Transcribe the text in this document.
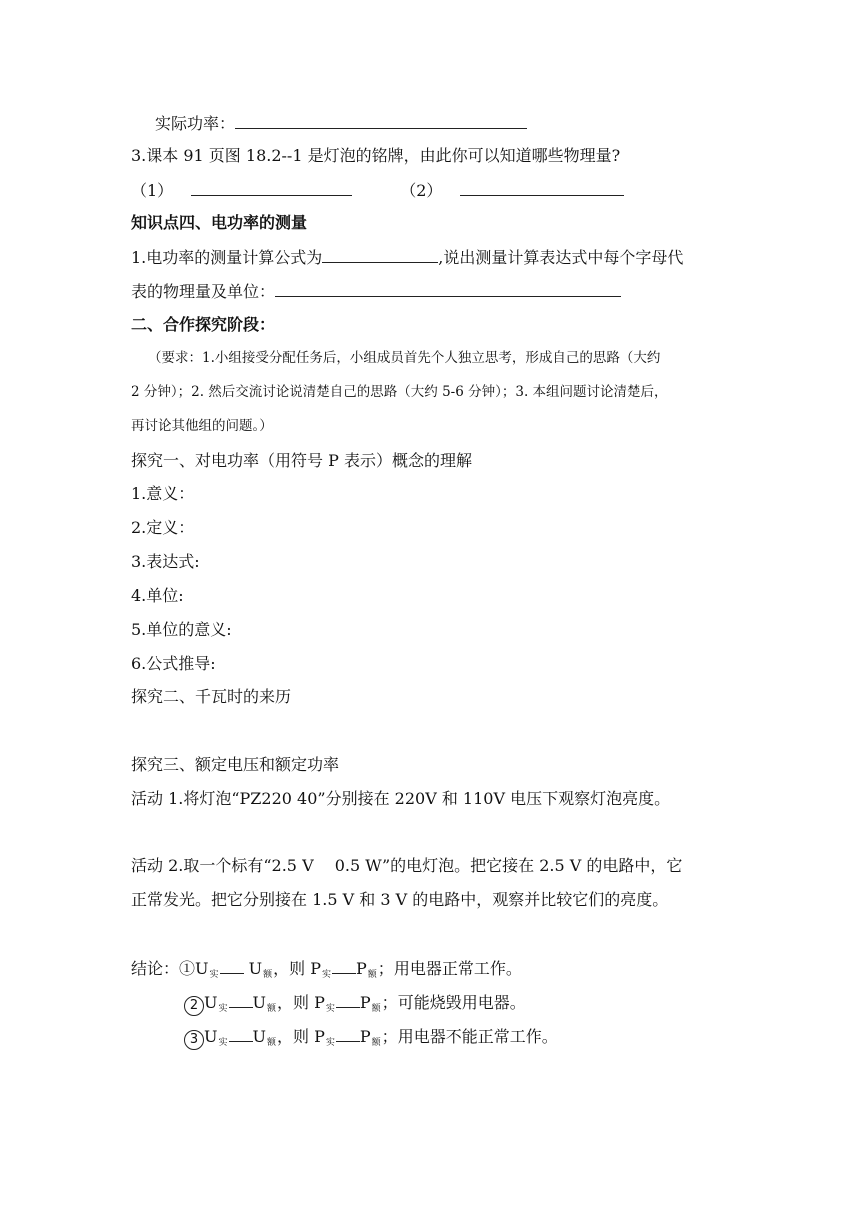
实际功率：
3.课本 91 页图 18.2--1 是灯泡的铭牌，由此你可以知道哪些物理量?
（1）	（2）
知识点四、电功率的测量
1.电功率的测量计算公式为	,说出测量计算表达式中每个字母代
表的物理量及单位：
二、合作探究阶段：
（要求：1.小组接受分配任务后，小组成员首先个人独立思考，形成自己的思路（大约
2 分钟）；2. 然后交流讨论说清楚自己的思路（大约 5-6 分钟）；3. 本组问题讨论清楚后，
再讨论其他组的问题。）
探究一、对电功率（用符号 P 表示）概念的理解
1.意义：
2.定义：
3.表达式:
4.单位:
5.单位的意义:
6.公式推导:
探究二、千瓦时的来历
探究三、额定电压和额定功率
活动 1.将灯泡“PZ220 40”分别接在 220V 和 110V 电压下观察灯泡亮度。
活动 2.取一个标有“2.5 V　 0.5 W”的电灯泡。把它接在 2.5 V 的电路中，它
正常发光。把它分别接在 1.5 V 和 3 V 的电路中，观察并比较它们的亮度。
结论：$①U_实$ $U_额$，则 $P_实$ $P_额$；用电器正常工作。
2 $U_实$ $U_额$，则 $P_实$ $P_额$；可能烧毁用电器。
3 $U_实$ $U_额$，则 $P_实$ $P_额$；用电器不能正常工作。
